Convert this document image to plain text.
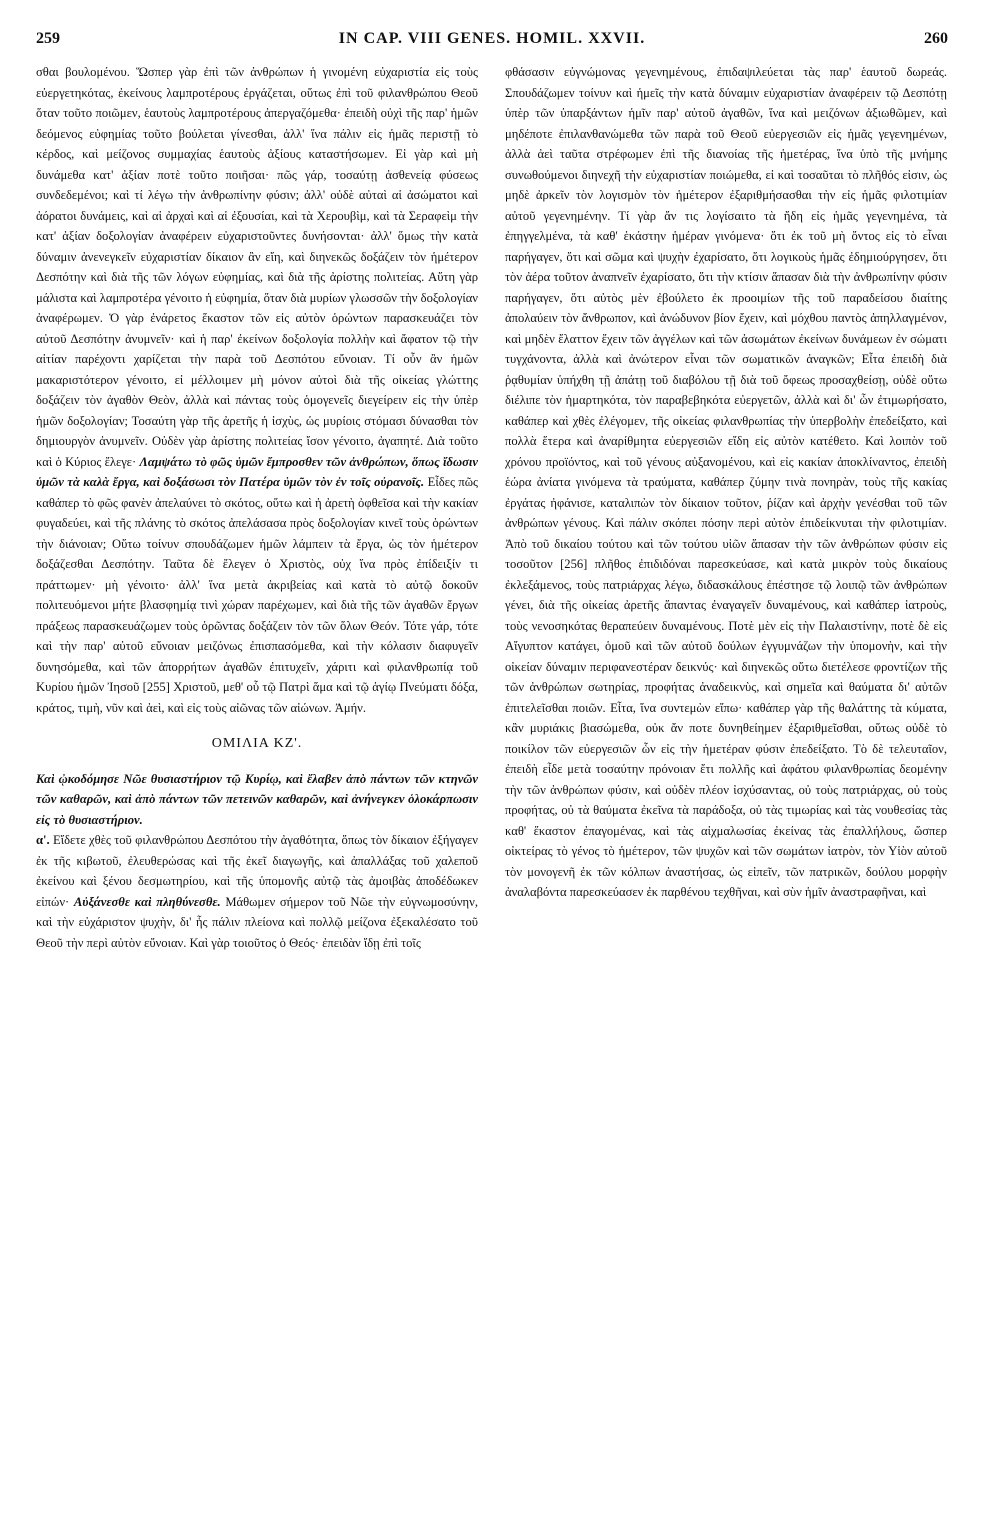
259	IN CAP. VIII GENES. HOMIL. XXVII.	260

σθαι βουλομένου. Ὥσπερ γὰρ ἐπὶ τῶν ἀνθρώπων ἡ γινομένη εὐχαριστία εἰς τοὺς εὐεργετηκότας, ἐκείνους λαμπροτέρους ἐργάζεται, οὕτως ἐπὶ τοῦ φιλανθρώπου Θεοῦ ὅταν τοῦτο ποιῶμεν, ἑαυτοὺς λαμπροτέρους ἀπεργαζόμεθα· ἐπειδὴ οὐχὶ τῆς παρ' ἡμῶν δεόμενος εὐφημίας τοῦτο βούλεται γίνεσθαι, ἀλλ' ἵνα πάλιν εἰς ἡμᾶς περιστῇ τὸ κέρδος, καὶ μείζονος συμμαχίας ἑαυτοὺς ἀξίους καταστήσωμεν. Εἰ γὰρ καὶ μὴ δυνάμεθα κατ' ἀξίαν ποτὲ τοῦτο ποιῆσαι· πῶς γάρ, τοσαύτῃ ἀσθενείᾳ φύσεως συνδεδεμένοι; καὶ τί λέγω τὴν ἀνθρωπίνην φύσιν; ἀλλ' οὐδὲ αὐταὶ αἱ ἀσώματοι καὶ ἀόρατοι δυνάμεις, καὶ αἱ ἀρχαὶ καὶ αἱ ἐξουσίαι, καὶ τὰ Χερουβὶμ, καὶ τὰ Σεραφεὶμ τὴν κατ' ἀξίαν δοξολογίαν ἀναφέρειν εὐχαριστοῦντες δυνήσονται· ἀλλ' ὅμως τὴν κατὰ δύναμιν ἀνενεγκεῖν εὐχαριστίαν δίκαιον ἂν εἴη, καὶ διηνεκῶς δοξάζειν τὸν ἡμέτερον Δεσπότην καὶ διὰ τῆς τῶν λόγων εὐφημίας, καὶ διὰ τῆς ἀρίστης πολιτείας. Αὕτη γὰρ μάλιστα καὶ λαμπροτέρα γένοιτο ἡ εὐφημία, ὅταν διὰ μυρίων γλωσσῶν τὴν δοξολογίαν ἀναφέρωμεν. Ὁ γὰρ ἐνάρετος ἕκαστον τῶν εἰς αὐτὸν ὁρώντων παρασκευάζει τὸν αὐτοῦ Δεσπότην ἀνυμνεῖν· καὶ ἡ παρ' ἐκείνων δοξολογία πολλὴν καὶ ἄφατον τῷ τὴν αἰτίαν παρέχοντι χαρίζεται τὴν παρὰ τοῦ Δεσπότου εὔνοιαν. Τί οὖν ἂν ἡμῶν μακαριστότερον γένοιτο, εἰ μέλλοιμεν μὴ μόνον αὐτοὶ διὰ τῆς οἰκείας γλώττης δοξάζειν τὸν ἀγαθὸν Θεὸν, ἀλλὰ καὶ πάντας τοὺς ὁμογενεῖς διεγείρειν εἰς τὴν ὑπὲρ ἡμῶν δοξολογίαν; Τοσαύτη γὰρ τῆς ἀρετῆς ἡ ἰσχὺς, ὡς μυρίοις στόμασι δύνασθαι τὸν δημιουργὸν ἀνυμνεῖν. Οὐδὲν γὰρ ἀρίστης πολιτείας ἴσον γένοιτο, ἀγαπητέ. Διὰ τοῦτο καὶ ὁ Κύριος ἔλεγε· Λαμψάτω τὸ φῶς ὑμῶν ἔμπροσθεν τῶν ἀνθρώπων, ὅπως ἴδωσιν ὑμῶν τὰ καλὰ ἔργα, καὶ δοξάσωσι τὸν Πατέρα ὑμῶν τὸν ἐν τοῖς οὐρανοῖς. Εἶδες πῶς καθάπερ τὸ φῶς φανὲν ἀπελαύνει τὸ σκότος, οὕτω καὶ ἡ ἀρετὴ ὀφθεῖσα καὶ τὴν κακίαν φυγαδεύει, καὶ τῆς πλάνης τὸ σκότος ἀπελάσασα πρὸς δοξολογίαν κινεῖ τοὺς ὁρώντων τὴν διάνοιαν; Οὕτω τοίνυν σπουδάζωμεν ἡμῶν λάμπειν τὰ ἔργα, ὡς τὸν ἡμέτερον δοξάζεσθαι Δεσπότην. Ταῦτα δὲ ἔλεγεν ὁ Χριστὸς, οὐχ ἵνα πρὸς ἐπίδειξίν τι πράττωμεν· μὴ γένοιτο· ἀλλ' ἵνα μετὰ ἀκριβείας καὶ κατὰ τὸ αὐτῷ δοκοῦν πολιτευόμενοι μήτε βλασφημίᾳ τινὶ χώραν παρέχωμεν, καὶ διὰ τῆς τῶν ἀγαθῶν ἔργων πράξεως παρασκευάζωμεν τοὺς ὁρῶντας δοξάζειν τὸν τῶν ὅλων Θεόν. Τότε γάρ, τότε καὶ τὴν παρ' αὐτοῦ εὔνοιαν μειζόνως ἐπισπασόμεθα, καὶ τὴν κόλασιν διαφυγεῖν δυνησόμεθα, καὶ τῶν ἀπορρήτων ἀγαθῶν ἐπιτυχεῖν, χάριτι καὶ φιλανθρωπίᾳ τοῦ Κυρίου ἡμῶν Ἰησοῦ [255] Χριστοῦ, μεθ' οὗ τῷ Πατρὶ ἅμα καὶ τῷ ἁγίῳ Πνεύματι δόξα, κράτος, τιμὴ, νῦν καὶ ἀεὶ, καὶ εἰς τοὺς αἰῶνας τῶν αἰώνων. Ἀμήν.

ΟΜΙΛΙΑ ΚΖ'.

Καὶ ᾠκοδόμησε Νῶε θυσιαστήριον τῷ Κυρίῳ, καὶ ἔλαβεν ἀπὸ πάντων τῶν κτηνῶν τῶν καθαρῶν, καὶ ἀπὸ πάντων τῶν πετεινῶν καθαρῶν, καὶ ἀνήνεγκεν ὁλοκάρπωσιν εἰς τὸ θυσιαστήριον.

α'. Εἴδετε χθὲς τοῦ φιλανθρώπου Δεσπότου τὴν ἀγαθότητα, ὅπως τὸν δίκαιον ἐξήγαγεν ἐκ τῆς κιβωτοῦ, ἐλευθερώσας καὶ τῆς ἐκεῖ διαγωγῆς, καὶ ἀπαλλάξας τοῦ χαλεποῦ ἐκείνου καὶ ξένου δεσμωτηρίου, καὶ τῆς ὑπομονῆς αὐτῷ τὰς ἀμοιβὰς ἀποδέδωκεν εἰπών· Αὐξάνεσθε καὶ πληθύνεσθε. Μάθωμεν σήμερον τοῦ Νῶε τὴν εὐγνωμοσύνην, καὶ τὴν εὐχάριστον ψυχὴν, δι' ἧς πάλιν πλείονα καὶ πολλῷ μείζονα ἐξεκαλέσατο τοῦ Θεοῦ τὴν περὶ αὐτὸν εὔνοιαν. Καὶ γὰρ τοιοῦτος ὁ Θεός· ἐπειδὰν ἴδῃ ἐπὶ τοῖς

φθάσασιν εὐγνώμονας γεγενημένους, ἐπιδαψιλεύεται τὰς παρ' ἑαυτοῦ δωρεάς. Σπουδάζωμεν τοίνυν καὶ ἡμεῖς τὴν κατὰ δύναμιν εὐχαριστίαν ἀναφέρειν τῷ Δεσπότῃ ὑπὲρ τῶν ὑπαρξάντων ἡμῖν παρ' αὐτοῦ ἀγαθῶν, ἵνα καὶ μειζόνων ἀξιωθῶμεν, καὶ μηδέποτε ἐπιλανθανώμεθα τῶν παρὰ τοῦ Θεοῦ εὐεργεσιῶν εἰς ἡμᾶς γεγενημένων, ἀλλὰ ἀεὶ ταῦτα στρέφωμεν ἐπὶ τῆς διανοίας τῆς ἡμετέρας, ἵνα ὑπὸ τῆς μνήμης συνωθούμενοι διηνεχῆ τὴν εὐχαριστίαν ποιώμεθα, εἰ καὶ τοσαῦται τὸ πλῆθός εἰσιν, ὡς μηδὲ ἀρκεῖν τὸν λογισμὸν τὸν ἡμέτερον ἐξαριθμήσασθαι τὴν εἰς ἡμᾶς φιλοτιμίαν αὐτοῦ γεγενημένην. Τί γὰρ ἄν τις λογίσαιτο τὰ ἤδη εἰς ἡμᾶς γεγενημένα, τὰ ἐπηγγελμένα, τὰ καθ' ἑκάστην ἡμέραν γινόμενα· ὅτι ἐκ τοῦ μὴ ὄντος εἰς τὸ εἶναι παρήγαγεν, ὅτι καὶ σῶμα καὶ ψυχὴν ἐχαρίσατο, ὅτι λογικοὺς ἡμᾶς ἐδημιούργησεν, ὅτι τὸν ἀέρα τοῦτον ἀναπνεῖν ἐχαρίσατο, ὅτι τὴν κτίσιν ἅπασαν διὰ τὴν ἀνθρωπίνην φύσιν παρήγαγεν, ὅτι αὐτὸς μὲν ἐβούλετο ἐκ προοιμίων τῆς τοῦ παραδείσου διαίτης ἀπολαύειν τὸν ἄνθρωπον, καὶ ἀνώδυνον βίον ἔχειν, καὶ μόχθου παντὸς ἀπηλλαγμένον, καὶ μηδὲν ἔλαττον ἔχειν τῶν ἀγγέλων καὶ τῶν ἀσωμάτων ἐκείνων δυνάμεων ἐν σώματι τυγχάνοντα, ἀλλὰ καὶ ἀνώτερον εἶναι τῶν σωματικῶν ἀναγκῶν; Εἶτα ἐπειδὴ διὰ ῥᾳθυμίαν ὑπήχθη τῇ ἀπάτῃ τοῦ διαβόλου τῇ διὰ τοῦ ὄφεως προσαχθείσῃ, οὐδὲ οὕτω διέλιπε τὸν ἡμαρτηκότα, τὸν παραβεβηκότα εὐεργετῶν, ἀλλὰ καὶ δι' ὧν ἐτιμωρήσατο, καθάπερ καὶ χθὲς ἐλέγομεν, τῆς οἰκείας φιλανθρωπίας τὴν ὑπερβολὴν ἐπεδείξατο, καὶ πολλὰ ἕτερα καὶ ἀναρίθμητα εὐεργεσιῶν εἴδη εἰς αὐτὸν κατέθετο. Καὶ λοιπὸν τοῦ χρόνου προϊόντος, καὶ τοῦ γένους αὐξανομένου, καὶ εἰς κακίαν ἀποκλίναντος, ἐπειδὴ ἑώρα ἀνίατα γινόμενα τὰ τραύματα, καθάπερ ζύμην τινὰ πονηρὰν, τοὺς τῆς κακίας ἐργάτας ἠφάνισε, καταλιπὼν τὸν δίκαιον τοῦτον, ῥίζαν καὶ ἀρχὴν γενέσθαι τοῦ τῶν ἀνθρώπων γένους. Καὶ πάλιν σκόπει πόσην περὶ αὐτὸν ἐπιδείκνυται τὴν φιλοτιμίαν. Ἀπὸ τοῦ δικαίου τούτου καὶ τῶν τούτου υἱῶν ἅπασαν τὴν τῶν ἀνθρώπων φύσιν εἰς τοσοῦτον [256] πλῆθος ἐπιδιδόναι παρεσκεύασε, καὶ κατὰ μικρὸν τοὺς δικαίους ἐκλεξάμενος, τοὺς πατριάρχας λέγω, διδασκάλους ἐπέστησε τῷ λοιπῷ τῶν ἀνθρώπων γένει, διὰ τῆς οἰκείας ἀρετῆς ἅπαντας ἐναγαγεῖν δυναμένους, καὶ καθάπερ ἰατροὺς, τοὺς νενοσηκότας θεραπεύειν δυναμένους. Ποτὲ μὲν εἰς τὴν Παλαιστίνην, ποτὲ δὲ εἰς Αἴγυπτον κατάγει, ὁμοῦ καὶ τῶν αὐτοῦ δούλων ἐγγυμνάζων τὴν ὑπομονὴν, καὶ τὴν οἰκείαν δύναμιν περιφανεστέραν δεικνύς· καὶ διηνεκῶς οὕτω διετέλεσε φροντίζων τῆς τῶν ἀνθρώπων σωτηρίας, προφήτας ἀναδεικνὺς, καὶ σημεῖα καὶ θαύματα δι' αὐτῶν ἐπιτελεῖσθαι ποιῶν. Εἶτα, ἵνα συντεμὼν εἴπω· καθάπερ γὰρ τῆς θαλάττης τὰ κύματα, κἂν μυριάκις βιασώμεθα, οὐκ ἄν ποτε δυνηθείημεν ἐξαριθμεῖσθαι, οὕτως οὐδὲ τὸ ποικίλον τῶν εὐεργεσιῶν ὧν εἰς τὴν ἡμετέραν φύσιν ἐπεδείξατο. Τὸ δὲ τελευταῖον, ἐπειδὴ εἶδε μετὰ τοσαύτην πρόνοιαν ἔτι πολλῆς καὶ ἀφάτου φιλανθρωπίας δεομένην τὴν τῶν ἀνθρώπων φύσιν, καὶ οὐδὲν πλέον ἰσχύσαντας, οὐ τοὺς πατριάρχας, οὐ τοὺς προφήτας, οὐ τὰ θαύματα ἐκεῖνα τὰ παράδοξα, οὐ τὰς τιμωρίας καὶ τὰς νουθεσίας τὰς καθ' ἕκαστον ἐπαγομένας, καὶ τὰς αἰχμαλωσίας ἐκείνας τὰς ἐπαλλήλους, ὥσπερ οἰκτείρας τὸ γένος τὸ ἡμέτερον, τῶν ψυχῶν καὶ τῶν σωμάτων ἰατρὸν, τὸν Υἱὸν αὐτοῦ τὸν μονογενῆ ἐκ τῶν κόλπων ἀναστήσας, ὡς εἰπεῖν, τῶν πατρικῶν, δούλου μορφὴν ἀναλαβόντα παρεσκεύασεν ἐκ παρθένου τεχθῆναι, καὶ σὺν ἡμῖν ἀναστραφῆναι, καὶ
